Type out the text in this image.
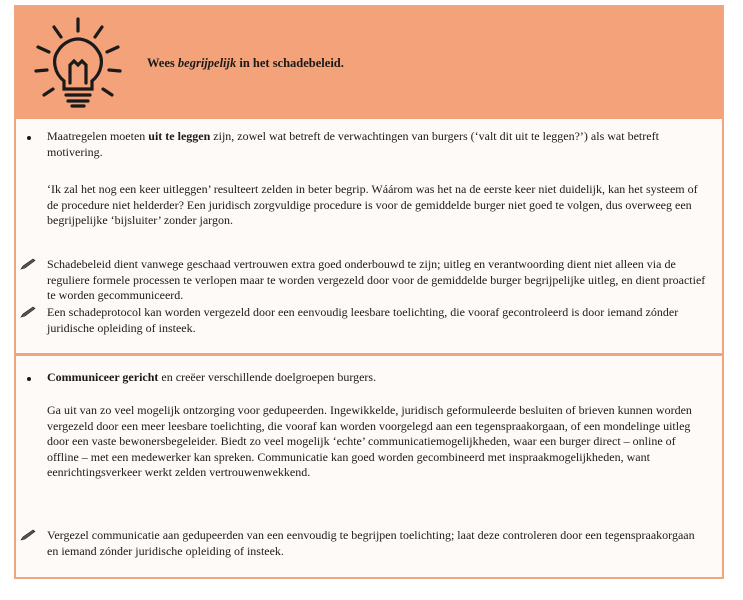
Wees begrijpelijk in het schadebeleid.
Maatregelen moeten uit te leggen zijn, zowel wat betreft de verwachtingen van burgers (‘valt dit uit te leggen?’) als wat betreft motivering.
‘Ik zal het nog een keer uitleggen’ resulteert zelden in beter begrip. Wáárom was het na de eerste keer niet duidelijk, kan het systeem of de procedure niet helderder? Een juridisch zorgvuldige procedure is voor de gemiddelde burger niet goed te volgen, dus overweeg een begrijpelijke ‘bijsluiter’ zonder jargon.
Schadebeleid dient vanwege geschaad vertrouwen extra goed onderbouwd te zijn; uitleg en verantwoording dient niet alleen via de reguliere formele processen te verlopen maar te worden vergezeld door voor de gemiddelde burger begrijpelijke uitleg, en dient proactief te worden gecommuniceerd.
Een schadeprotocol kan worden vergezeld door een eenvoudig leesbare toelichting, die vooraf gecontroleerd is door iemand zónder juridische opleiding of insteek.
Communiceer gericht en creëer verschillende doelgroepen burgers.
Ga uit van zo veel mogelijk ontzorging voor gedupeerden. Ingewikkelde, juridisch geformuleerde besluiten of brieven kunnen worden vergezeld door een meer leesbare toelichting, die vooraf kan worden voorgelegd aan een tegenspraakorgaan, of een mondelinge uitleg door een vaste bewonersbegeleider. Biedt zo veel mogelijk ‘echte’ communicatiemogelijkheden, waar een burger direct – online of offline – met een medewerker kan spreken. Communicatie kan goed worden gecombineerd met inspraakmogelijkheden, want eenrichtingsverkeer werkt zelden vertrouwenwekkend.
Vergezel communicatie aan gedupeerden van een eenvoudig te begrijpen toelichting; laat deze controleren door een tegenspraakorgaan en iemand zónder juridische opleiding of insteek.
